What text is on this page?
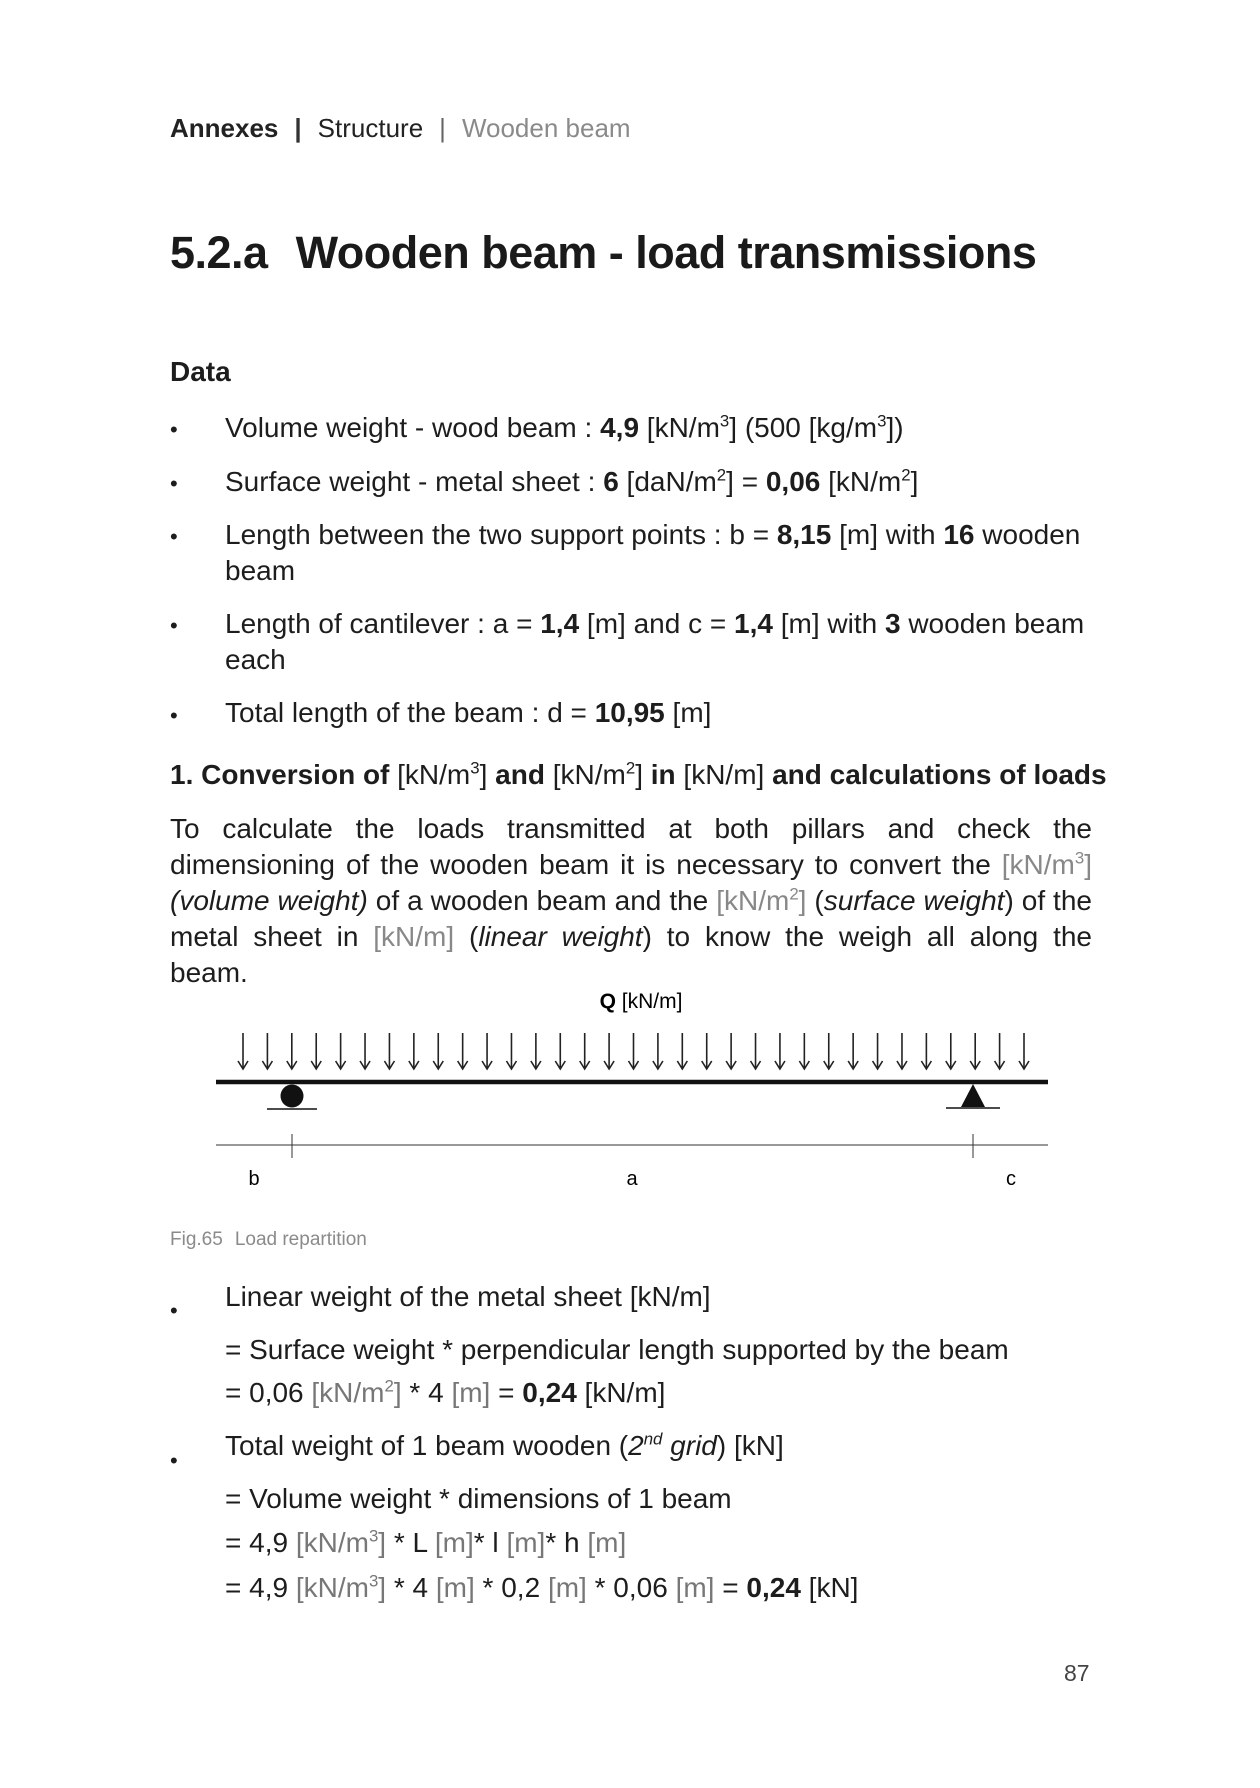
Annexes | Structure | Wooden beam
5.2.a Wooden beam - load transmissions
Data
• Volume weight - wood beam : 4,9 $[kN/m^3]$ (500 $[kg/m^3]$)
• Surface weight - metal sheet : 6 $[daN/m^2] = 0,06$ $[kN/m^2]$
• Length between the two support points : b = 8,15 [m] with 16 wooden beam
• Length of cantilever : a = 1,4 [m] and c = 1,4 [m] with 3 wooden beam each
• Total length of the beam : d = 10,95 [m]
1. Conversion of $[kN/m^3]$ and $[kN/m^2]$ in [kN/m] and calculations of loads
To calculate the loads transmitted at both pillars and check the dimensioning of the wooden beam it is necessary to convert the $[kN/m^3]$ (volume weight) of a wooden beam and the $[kN/m^2]$ (surface weight) of the metal sheet in [kN/m] (linear weight) to know the weigh all along the beam.
Q [kN/m]
b	a	c
Fig.65 Load repartition
• Linear weight of the metal sheet [kN/m]
= Surface weight * perpendicular length supported by the beam
= 0,06 $[kN/m^2] * 4$ [m] = 0,24 [kN/m]
• Total weight of 1 beam wooden (2nd grid) [kN]
= Volume weight * dimensions of 1 beam
= 4,9 $[kN/m^3]$ * L [m]* l [m]* h [m]
= 4,9 $[kN/m^3] * 4$ [m] * 0,2 [m] * 0,06 [m] = 0,24 [kN]
87
